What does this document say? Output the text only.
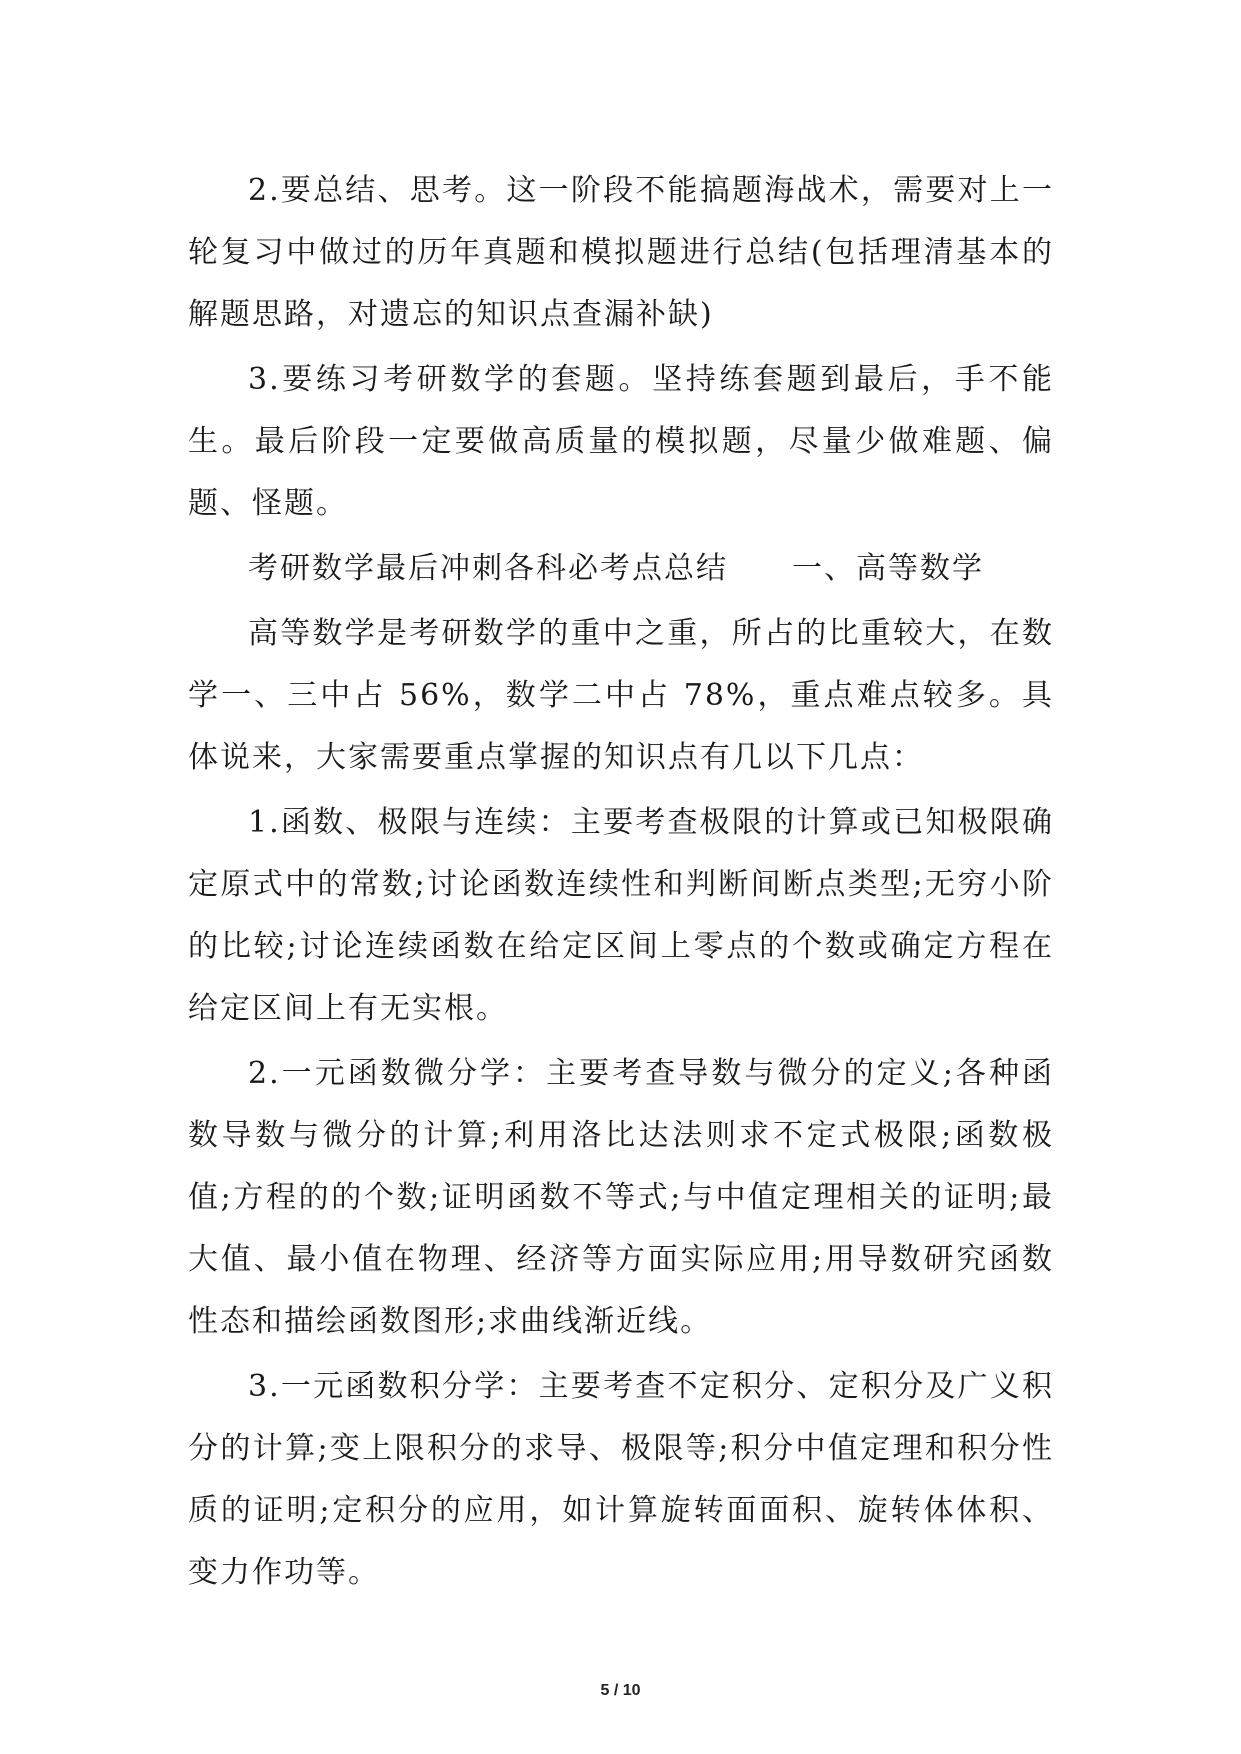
2.要总结、思考。这一阶段不能搞题海战术，需要对上一轮复习中做过的历年真题和模拟题进行总结(包括理清基本的解题思路，对遗忘的知识点查漏补缺)

3.要练习考研数学的套题。坚持练套题到最后，手不能生。最后阶段一定要做高质量的模拟题，尽量少做难题、偏题、怪题。

考研数学最后冲刺各科必考点总结　　一、高等数学

高等数学是考研数学的重中之重，所占的比重较大，在数学一、三中占 56%，数学二中占 78%，重点难点较多。具体说来，大家需要重点掌握的知识点有几以下几点：

1.函数、极限与连续：主要考查极限的计算或已知极限确定原式中的常数;讨论函数连续性和判断间断点类型;无穷小阶的比较;讨论连续函数在给定区间上零点的个数或确定方程在给定区间上有无实根。

2.一元函数微分学：主要考查导数与微分的定义;各种函数导数与微分的计算;利用洛比达法则求不定式极限;函数极值;方程的的个数;证明函数不等式;与中值定理相关的证明;最大值、最小值在物理、经济等方面实际应用;用导数研究函数性态和描绘函数图形;求曲线渐近线。

3.一元函数积分学：主要考查不定积分、定积分及广义积分的计算;变上限积分的求导、极限等;积分中值定理和积分性质的证明;定积分的应用，如计算旋转面面积、旋转体体积、变力作功等。

5 / 10
